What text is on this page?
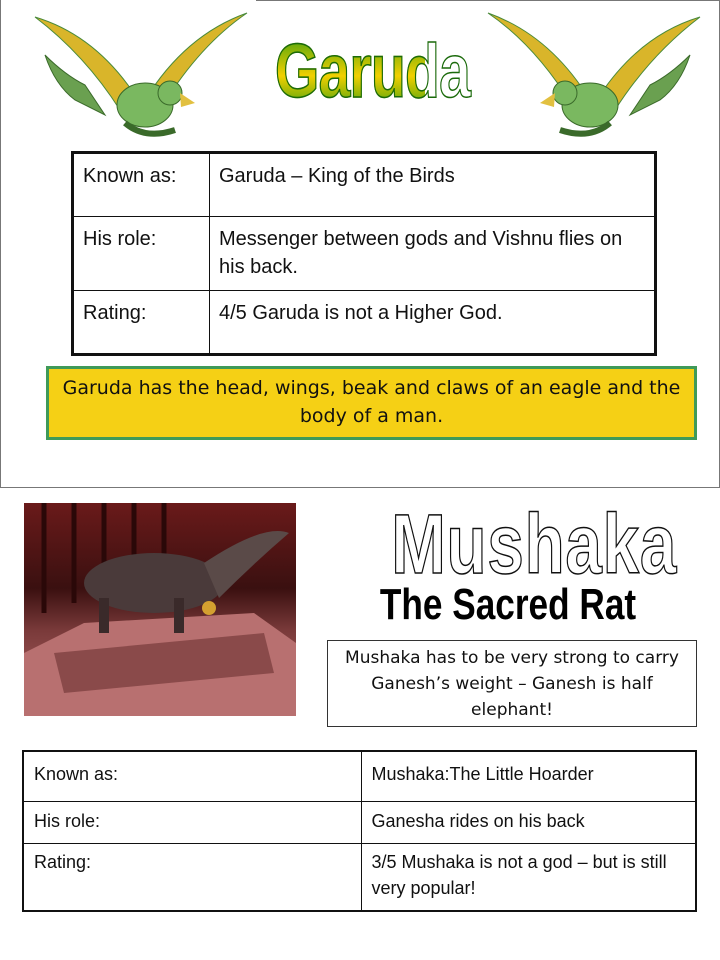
Garuda
Known as:	Garuda – King of the Birds
His role:	Messenger between gods and Vishnu flies on his back.
Rating:	4/5 Garuda is not a Higher God.
Garuda has the head, wings, beak and claws of an eagle and the body of a man.
Mushaka
The Sacred Rat
Mushaka has to be very strong to carry Ganesh’s weight – Ganesh is half elephant!
Known as:	Mushaka:The Little Hoarder
His role:	Ganesha rides on his back
Rating:	3/5 Mushaka is not a god – but is still very popular!
